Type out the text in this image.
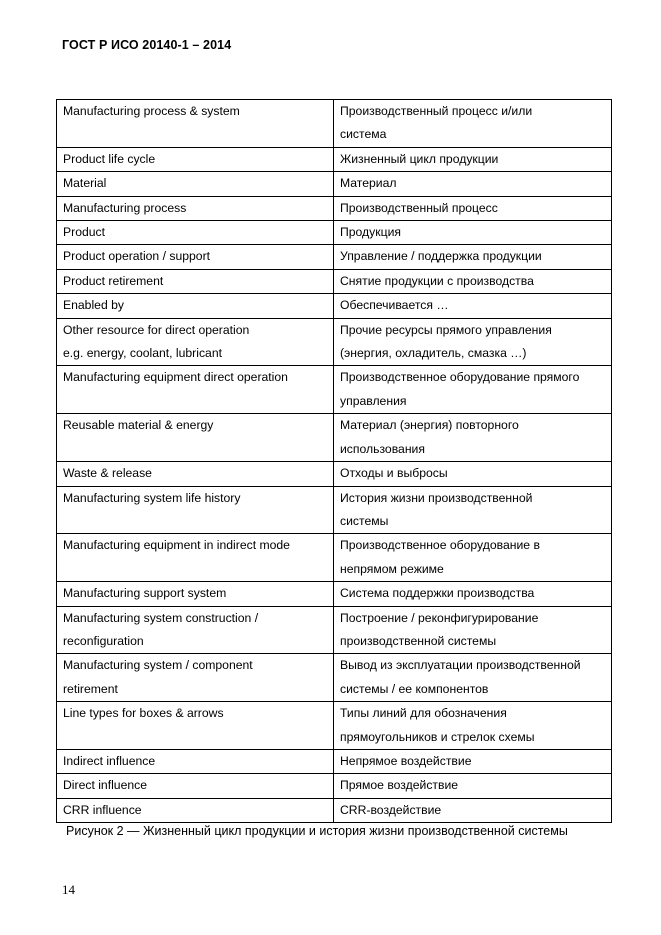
ГОСТ Р ИСО 20140-1 – 2014
Manufacturing process & system	Производственный процесс и/или
система

Product life cycle	Жизненный цикл продукции

Material	Материал

Manufacturing process	Производственный процесс

Product	Продукция

Product operation / support	Управление / поддержка продукции

Product retirement	Снятие продукции с производства

Enabled by	Обеспечивается …

Other resource for direct operation
e.g. energy, coolant, lubricant	Прочие ресурсы прямого управления
(энергия, охладитель, смазка …)

Manufacturing equipment direct operation	Производственное оборудование прямого
управления

Reusable material & energy	Материал (энергия) повторного
использования

Waste & release	Отходы и выбросы

Manufacturing system life history	История жизни производственной
системы

Manufacturing equipment in indirect mode	Производственное оборудование в
непрямом режиме

Manufacturing support system	Система поддержки производства

Manufacturing system construction /
reconfiguration	Построение / реконфигурирование
производственной системы

Manufacturing system / component
retirement	Вывод из эксплуатации производственной
системы / ее компонентов

Line types for boxes & arrows	Типы линий для обозначения
прямоугольников и стрелок схемы

Indirect influence	Непрямое воздействие

Direct influence	Прямое воздействие

CRR influence	CRR-воздействие
Рисунок 2 — Жизненный цикл продукции и история жизни производственной системы
14
